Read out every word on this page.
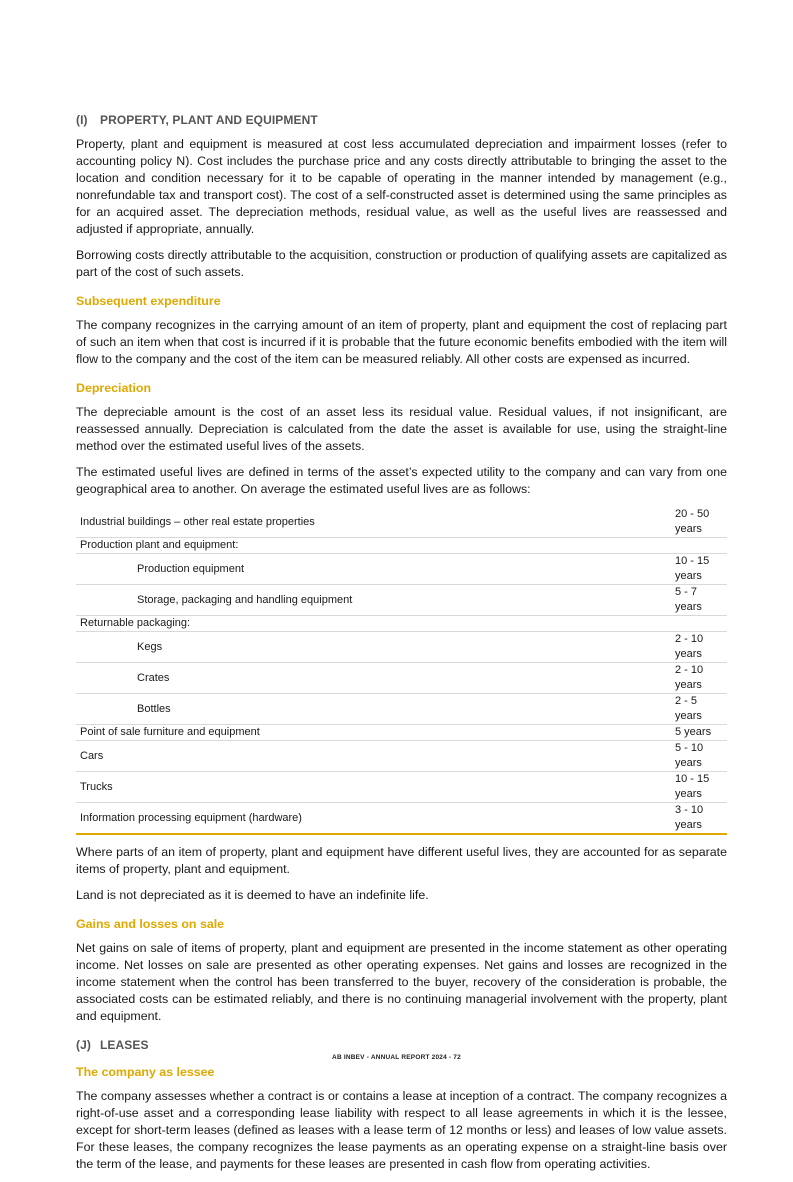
(I) PROPERTY, PLANT AND EQUIPMENT

Property, plant and equipment is measured at cost less accumulated depreciation and impairment losses (refer to accounting policy N). Cost includes the purchase price and any costs directly attributable to bringing the asset to the location and condition necessary for it to be capable of operating in the manner intended by management (e.g., nonrefundable tax and transport cost). The cost of a self-constructed asset is determined using the same principles as for an acquired asset. The depreciation methods, residual value, as well as the useful lives are reassessed and adjusted if appropriate, annually.

Borrowing costs directly attributable to the acquisition, construction or production of qualifying assets are capitalized as part of the cost of such assets.

Subsequent expenditure

The company recognizes in the carrying amount of an item of property, plant and equipment the cost of replacing part of such an item when that cost is incurred if it is probable that the future economic benefits embodied with the item will flow to the company and the cost of the item can be measured reliably. All other costs are expensed as incurred.

Depreciation

The depreciable amount is the cost of an asset less its residual value. Residual values, if not insignificant, are reassessed annually. Depreciation is calculated from the date the asset is available for use, using the straight-line method over the estimated useful lives of the assets.

The estimated useful lives are defined in terms of the asset’s expected utility to the company and can vary from one geographical area to another. On average the estimated useful lives are as follows:

Industrial buildings – other real estate properties	20 - 50 years
Production plant and equipment:	
Production equipment	10 - 15 years
Storage, packaging and handling equipment	5 - 7 years
Returnable packaging:	
Kegs	2 - 10 years
Crates	2 - 10 years
Bottles	2 - 5 years
Point of sale furniture and equipment	5 years
Cars	5 - 10 years
Trucks	10 - 15 years
Information processing equipment (hardware)	3 - 10 years

Where parts of an item of property, plant and equipment have different useful lives, they are accounted for as separate items of property, plant and equipment.

Land is not depreciated as it is deemed to have an indefinite life.

Gains and losses on sale

Net gains on sale of items of property, plant and equipment are presented in the income statement as other operating income. Net losses on sale are presented as other operating expenses. Net gains and losses are recognized in the income statement when the control has been transferred to the buyer, recovery of the consideration is probable, the associated costs can be estimated reliably, and there is no continuing managerial involvement with the property, plant and equipment.

(J) LEASES
The company as lessee

The company assesses whether a contract is or contains a lease at inception of a contract. The company recognizes a right-of-use asset and a corresponding lease liability with respect to all lease agreements in which it is the lessee, except for short-term leases (defined as leases with a lease term of 12 months or less) and leases of low value assets. For these leases, the company recognizes the lease payments as an operating expense on a straight-line basis over the term of the lease, and payments for these leases are presented in cash flow from operating activities.

AB INBEV - ANNUAL REPORT 2024 - 72
